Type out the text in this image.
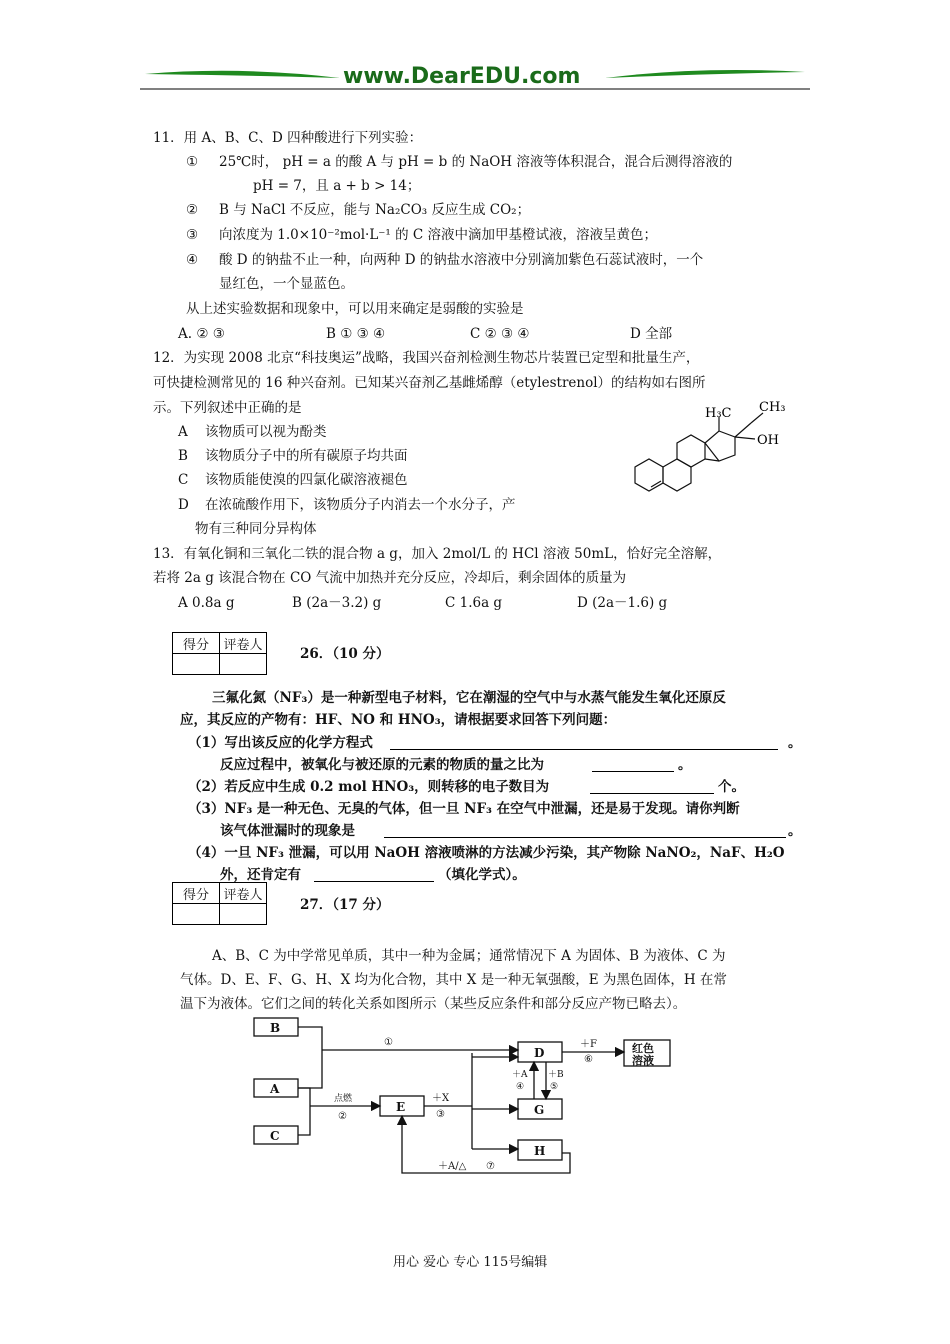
www.DearEDU.com
11．用 A、B、C、D 四种酸进行下列实验：
① 25℃时， pH = a 的酸 A 与 pH = b 的 NaOH 溶液等体积混合，混合后测得溶液的
pH = 7，且 a + b > 14；
② B 与 NaCl 不反应，能与 Na₂CO₃ 反应生成 CO₂；
③ 向浓度为 1.0×10⁻²mol·L⁻¹ 的 C 溶液中滴加甲基橙试液，溶液呈黄色；
④ 酸 D 的钠盐不止一种，向两种 D 的钠盐水溶液中分别滴加紫色石蕊试液时，一个
显红色，一个显蓝色。
从上述实验数据和现象中，可以用来确定是弱酸的实验是
A. ② ③	B ① ③ ④	C ② ③ ④	D 全部
12．为实现 2008 北京“科技奥运”战略，我国兴奋剂检测生物芯片装置已定型和批量生产，
可快捷检测常见的 16 种兴奋剂。已知某兴奋剂乙基雌烯醇（etylestrenol）的结构如右图所
示。下列叙述中正确的是
A 该物质可以视为酚类
B 该物质分子中的所有碳原子均共面
C 该物质能使溴的四氯化碳溶液褪色
D 在浓硫酸作用下，该物质分子内消去一个水分子，产
物有三种同分异构体
H₃C CH₃
OH
13．有氧化铜和三氧化二铁的混合物 a g，加入 2mol/L 的 HCl 溶液 50mL，恰好完全溶解，
若将 2a g 该混合物在 CO 气流中加热并充分反应，冷却后，剩余固体的质量为
A 0.8a g	B (2a－3.2) g	C 1.6a g	D (2a－1.6) g
得分	评卷人

26．（10 分）
三氟化氮（NF₃）是一种新型电子材料，它在潮湿的空气中与水蒸气能发生氧化还原反
应，其反应的产物有：HF、NO 和 HNO₃，请根据要求回答下列问题：
（1）写出该反应的化学方程式	。
反应过程中，被氧化与被还原的元素的物质的量之比为	。
（2）若反应中生成 0.2 mol HNO₃，则转移的电子数目为	个。
（3）NF₃ 是一种无色、无臭的气体，但一旦 NF₃ 在空气中泄漏，还是易于发现。请你判断
该气体泄漏时的现象是	。
（4）一旦 NF₃ 泄漏，可以用 NaOH 溶液喷淋的方法减少污染，其产物除 NaNO₂，NaF、H₂O
外，还肯定有	（填化学式）。
得分	评卷人

27．（17 分）
A、B、C 为中学常见单质，其中一种为金属；通常情况下 A 为固体、B 为液体、C 为
气体。D、E、F、G、H、X 均为化合物，其中 X 是一种无氧强酸，E 为黑色固体，H 在常
温下为液体。它们之间的转化关系如图所示（某些反应条件和部分反应产物已略去）。
B
A
C
E
D
G
H
红色
溶液
①	＋F
⑥
＋A
④
＋B
⑤
点燃
②
＋X
③
＋A/△ ⑦
用心 爱心 专心 115号编辑
